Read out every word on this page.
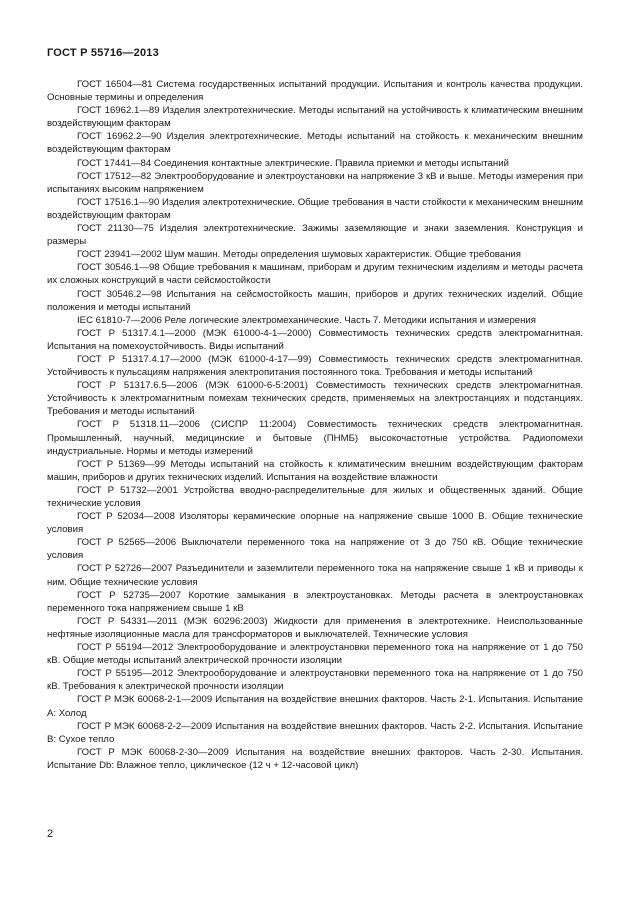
ГОСТ Р 55716—2013

ГОСТ 16504—81 Система государственных испытаний продукции. Испытания и контроль качества продукции. Основные термины и определения

ГОСТ 16962.1—89 Изделия электротехнические. Методы испытаний на устойчивость к климатическим внешним воздействующим факторам

ГОСТ 16962.2—90 Изделия электротехнические. Методы испытаний на стойкость к механическим внешним воздействующим факторам

ГОСТ 17441—84 Соединения контактные электрические. Правила приемки и методы испытаний

ГОСТ 17512—82 Электрооборудование и электроустановки на напряжение 3 кВ и выше. Методы измерения при испытаниях высоким напряжением

ГОСТ 17516.1—90 Изделия электротехнические. Общие требования в части стойкости к механическим внешним воздействующим факторам

ГОСТ 21130—75 Изделия электротехнические. Зажимы заземляющие и знаки заземления. Конструкция и размеры

ГОСТ 23941—2002 Шум машин. Методы определения шумовых характеристик. Общие требования

ГОСТ 30546.1—98 Общие требования к машинам, приборам и другим техническим изделиям и методы расчета их сложных конструкций в части сейсмостойкости

ГОСТ 30546.2—98 Испытания на сейсмостойкость машин, приборов и других технических изделий. Общие положения и методы испытаний

IEC 61810-7—2006 Реле логические электромеханические. Часть 7. Методики испытания и измерения

ГОСТ Р 51317.4.1—2000 (МЭК 61000-4-1—2000) Совместимость технических средств электромагнитная. Испытания на помехоустойчивость. Виды испытаний

ГОСТ Р 51317.4.17—2000 (МЭК 61000-4-17—99) Совместимость технических средств электромагнитная. Устойчивость к пульсациям напряжения электропитания постоянного тока. Требования и методы испытаний

ГОСТ Р 51317.6.5—2006 (МЭК 61000-6-5:2001) Совместимость технических средств электромагнитная. Устойчивость к электромагнитным помехам технических средств, применяемых на электростанциях и подстанциях. Требования и методы испытаний

ГОСТ Р 51318.11—2006 (СИСПР 11:2004) Совместимость технических средств электромагнитная. Промышленный, научный, медицинские и бытовые (ПНМБ) высокочастотные устройства. Радиопомехи индустриальные. Нормы и методы измерений

ГОСТ Р 51369—99 Методы испытаний на стойкость к климатическим внешним воздействующим факторам машин, приборов и других технических изделий. Испытания на воздействие влажности

ГОСТ Р 51732—2001 Устройства вводно-распределительные для жилых и общественных зданий. Общие технические условия

ГОСТ Р 52034—2008 Изоляторы керамические опорные на напряжение свыше 1000 В. Общие технические условия

ГОСТ Р 52565—2006 Выключатели переменного тока на напряжение от 3 до 750 кВ. Общие технические условия

ГОСТ Р 52726—2007 Разъединители и заземлители переменного тока на напряжение свыше 1 кВ и приводы к ним. Общие технические условия

ГОСТ Р 52735—2007 Короткие замыкания в электроустановках. Методы расчета в электроустановках переменного тока напряжением свыше 1 кВ

ГОСТ Р 54331—2011 (МЭК 60296:2003) Жидкости для применения в электротехнике. Неиспользованные нефтяные изоляционные масла для трансформаторов и выключателей. Технические условия

ГОСТ Р 55194—2012 Электрооборудование и электроустановки переменного тока на напряжение от 1 до 750 кВ. Общие методы испытаний электрической прочности изоляции

ГОСТ Р 55195—2012 Электрооборудование и электроустановки переменного тока на напряжение от 1 до 750 кВ. Требования к электрической прочности изоляции

ГОСТ Р МЭК 60068-2-1—2009 Испытания на воздействие внешних факторов. Часть 2-1. Испытания. Испытание А: Холод

ГОСТ Р МЭК 60068-2-2—2009 Испытания на воздействие внешних факторов. Часть 2-2. Испытания. Испытание В: Сухое тепло

ГОСТ Р МЭК 60068-2-30—2009 Испытания на воздействие внешних факторов. Часть 2-30. Испытания. Испытание Db: Влажное тепло, циклическое (12 ч + 12-часовой цикл)

2
